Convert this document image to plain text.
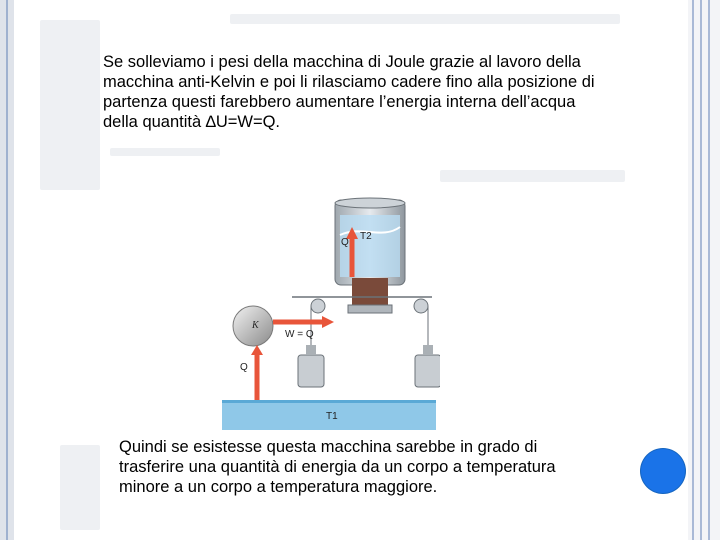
Se solleviamo i pesi della macchina di Joule grazie al lavoro della macchina anti-Kelvin e poi li rilasciamo cadere fino alla posizione di partenza questi farebbero aumentare l’energia interna dell’acqua della quantità ∆U=W=Q.

T2
Q
K
W = Q
Q
T1

Quindi se esistesse questa macchina sarebbe in grado di trasferire una quantità di energia da un corpo a temperatura minore a un corpo a temperatura maggiore.
